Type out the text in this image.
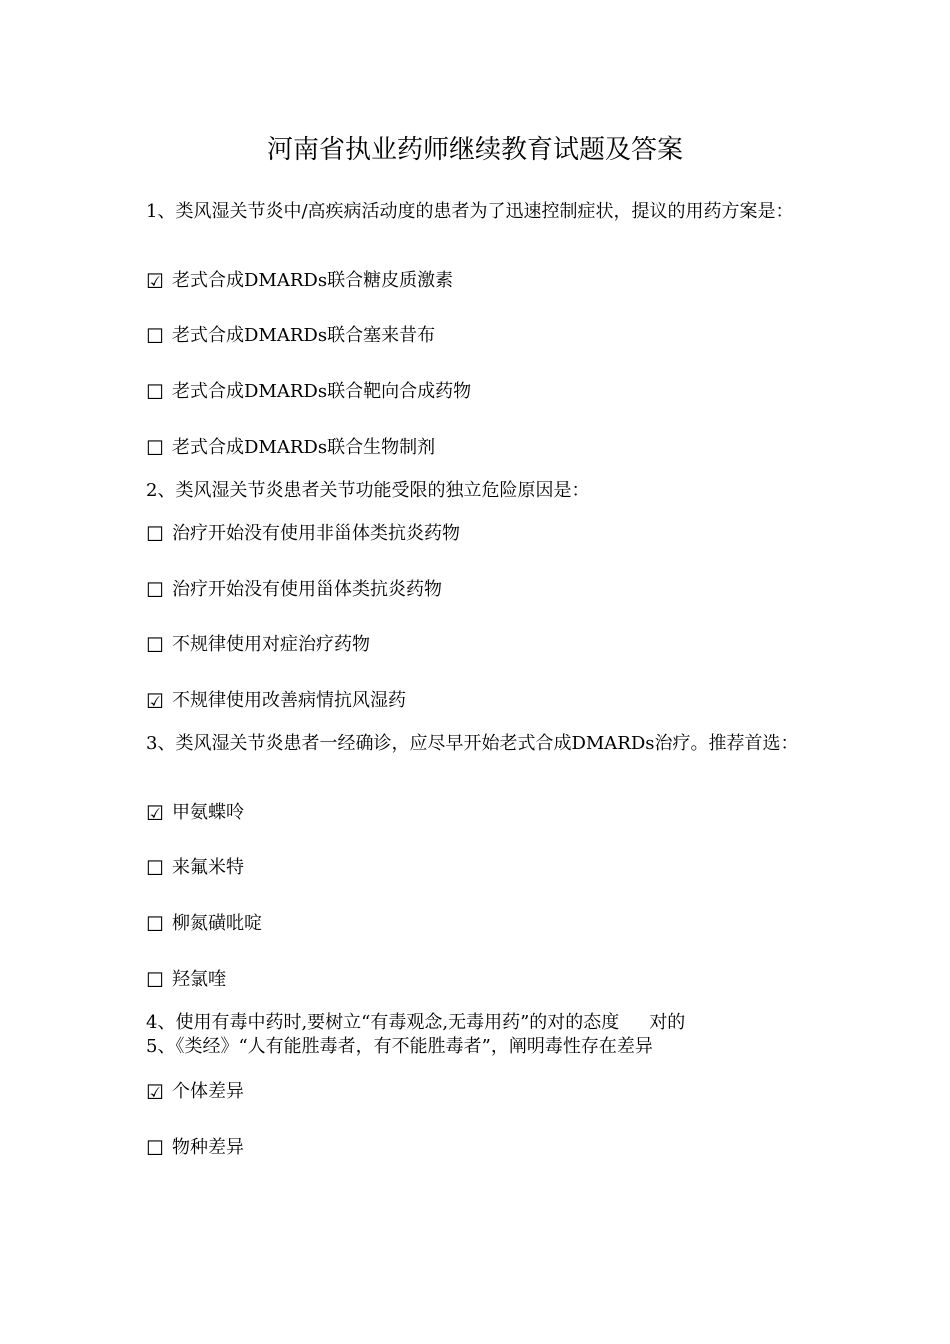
河南省执业药师继续教育试题及答案
1、类风湿关节炎中/高疾病活动度的患者为了迅速控制症状，提议的用药方案是：
☑ 老式合成DMARDs联合糖皮质激素
☐ 老式合成DMARDs联合塞来昔布
☐ 老式合成DMARDs联合靶向合成药物
☐ 老式合成DMARDs联合生物制剂
2、类风湿关节炎患者关节功能受限的独立危险原因是：
☐ 治疗开始没有使用非甾体类抗炎药物
☐ 治疗开始没有使用甾体类抗炎药物
☐ 不规律使用对症治疗药物
☑ 不规律使用改善病情抗风湿药
3、类风湿关节炎患者一经确诊，应尽早开始老式合成DMARDs治疗。推荐首选：
☑ 甲氨蝶呤
☐ 来氟米特
☐ 柳氮磺吡啶
☐ 羟氯喹
4、使用有毒中药时,要树立“有毒观念,无毒用药”的对的态度 对的
5、《类经》“人有能胜毒者，有不能胜毒者”，阐明毒性存在差异
☑ 个体差异
☐ 物种差异
